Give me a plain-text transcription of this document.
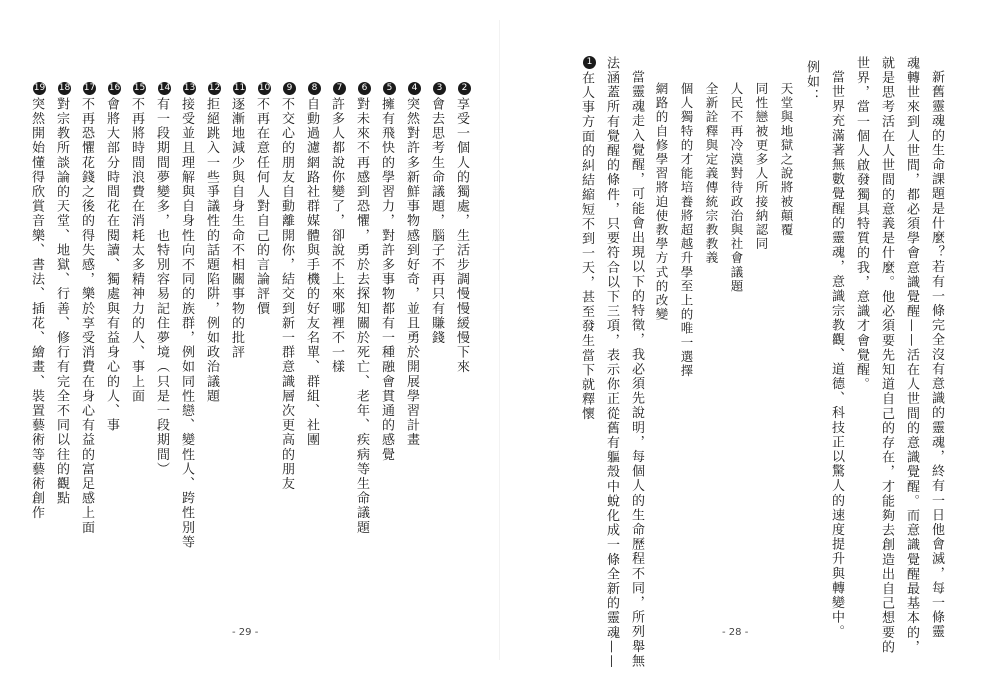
新舊靈魂的生命課題是什麼？若有一條完全沒有意識的靈魂，終有一日他會滅，每一條靈
魂轉世來到人世間，都必須學會意識覺醒——活在人世間的意識覺醒。而意識覺醒最基本的，
就是思考活在人世間的意義是什麼。他必須要先知道自己的存在，才能夠去創造出自己想要的
世界，當一個人啟發獨具特質的我，意識才會覺醒。
當世界充滿著無數覺醒的靈魂，意識宗教觀、道德、科技正以驚人的速度提升與轉變中。
例如：
天堂與地獄之說將被顛覆
同性戀被更多人所接納認同
人民不再冷漠對待政治與社會議題
全新詮釋與定義傳統宗教教義
個人獨特的才能培養將超越升學至上的唯一選擇
網路的自修學習將迫使教學方式的改變
當靈魂走入覺醒，可能會出現以下的特徵，我必須先說明，每個人的生命歷程不同，所列舉無
法涵蓋所有覺醒的條件，只要符合以下三項，表示你正從舊有軀殼中蛻化成一條全新的靈魂——
1在人事方面的糾結縮短不到一天，甚至發生當下就釋懷
- 28 -
2享受一個人的獨處，生活步調慢慢緩慢下來
3會去思考生命議題，腦子不再只有賺錢
4突然對許多新鮮事物感到好奇，並且勇於開展學習計畫
5擁有飛快的學習力，對許多事物都有一種融會貫通的感覺
6對未來不再感到恐懼，勇於去探知關於死亡、老年、疾病等生命議題
7許多人都說你變了，卻說不上來哪裡不一樣
8自動過濾網路社群媒體與手機的好友名單、群組、社團
9不交心的朋友自動離開你，結交到新一群意識層次更高的朋友
10不再在意任何人對自己的言論評價
11逐漸地減少與自身生命不相關事物的批評
12拒絕跳入一些爭議性的話題陷阱，例如政治議題
13接受並且理解與自身性向不同的族群，例如同性戀、變性人、跨性別等
14有一段期間夢變多，也特別容易記住夢境（只是一段期間）
15不再將時間浪費在消耗太多精神力的人、事上面
16會將大部分時間花在閱讀、獨處與有益身心的人、事
17不再恐懼花錢之後的得失感，樂於享受消費在身心有益的富足感上面
18對宗教所談論的天堂、地獄、行善、修行有完全不同以往的觀點
19突然開始懂得欣賞音樂、書法、插花、繪畫、裝置藝術等藝術創作
- 29 -
